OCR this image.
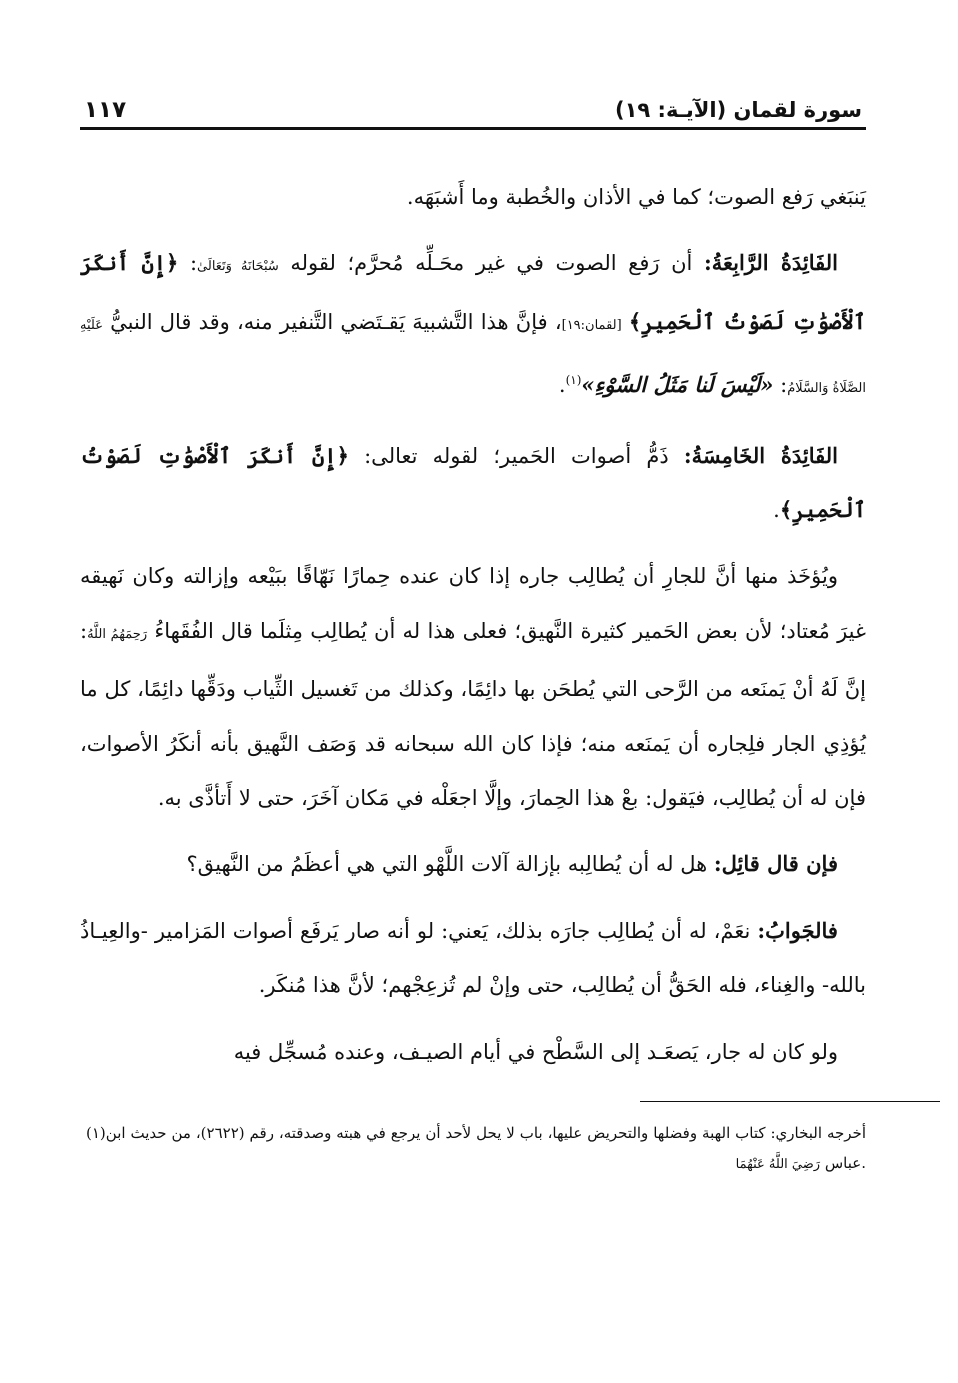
سورة لقمان (الآيـة: ١٩)
١١٧

يَنبَغي رَفع الصوت؛ كما في الأذان والخُطبة وما أَشبَهَه.

الفَائِدَةُ الرَّابِعَةُ: أن رَفع الصوت في غير محَـلِّه مُحرَّم؛ لقوله سُبْحَانَهُ وَتَعَالَىٰ: ﴿إِنَّ أَنكَرَ ٱلْأَصْوَٰتِ لَصَوْتُ ٱلْحَمِيرِ﴾ [لقمان:١٩]، فإنَّ هذا التَّشبيهَ يَقـتَضي التَّنفير منه، وقد قال النبيُّ عَلَيْهِ الصَّلَاةُ وَالسَّلَامُ: «لَيْسَ لَنا مَثَلُ السَّوْءِ»$^{(١)}$.

الفَائِدَةُ الخَامِسَةُ: ذَمُّ أصوات الحَمير؛ لقوله تعالى: ﴿إِنَّ أَنكَرَ ٱلْأَصْوَٰتِ لَصَوْتُ ٱلْحَمِيرِ﴾.

ويُؤخَذ منها أنَّ للجارِ أن يُطالِب جاره إذا كان عنده حِمارًا نَهّاقًا ببَيْعه وإزالته وكان نَهيقه غيرَ مُعتاد؛ لأن بعض الحَمير كثيرة النَّهيق؛ فعلى هذا له أن يُطالِب مِثلَما قال الفُقَهاءُ رَحِمَهُمُ اللَّهُ: إنَّ لَهُ أنْ يَمنَعه من الرَّحى التي يُطحَن بها دائِمًا، وكذلك من تَغسيل الثِّياب ودَقِّها دائِمًا، كل ما يُؤذِي الجار فلِجاره أن يَمنَعه منه؛ فإذا كان الله سبحانه قد وَصَف النَّهيق بأنه أنكَرُ الأصوات، فإن له أن يُطالِب، فيَقول: بعْ هذا الحِمارَ، وإلَّا اجعَلْه في مَكان آخَرَ، حتى لا أَتأذَّى به.

فإن قال قائِل: هل له أن يُطالِبه بإزالة آلات اللَّهْو التي هي أعظَمُ من النَّهيق؟

فالجَوابُ: نعَمْ، له أن يُطالِب جارَه بذلك، يَعني: لو أنه صار يَرفَع أصوات المَزامير -والعِيـاذُ بالله- والغِناء، فله الحَقُّ أن يُطالِب، حتى وإنْ لم تُزعِجْهم؛ لأنَّ هذا مُنكَر.

ولو كان له جار، يَصعَـد إلى السَّطْح في أيام الصيـف، وعنده مُسجِّل فيه

(١)أخرجه البخاري: كتاب الهبة وفضلها والتحريض عليها، باب لا يحل لأحد أن يرجع في هبته وصدقته، رقم (٢٦٢٢)، من حديث ابن عباس رَضِيَ اللَّهُ عَنْهُمَا	.
